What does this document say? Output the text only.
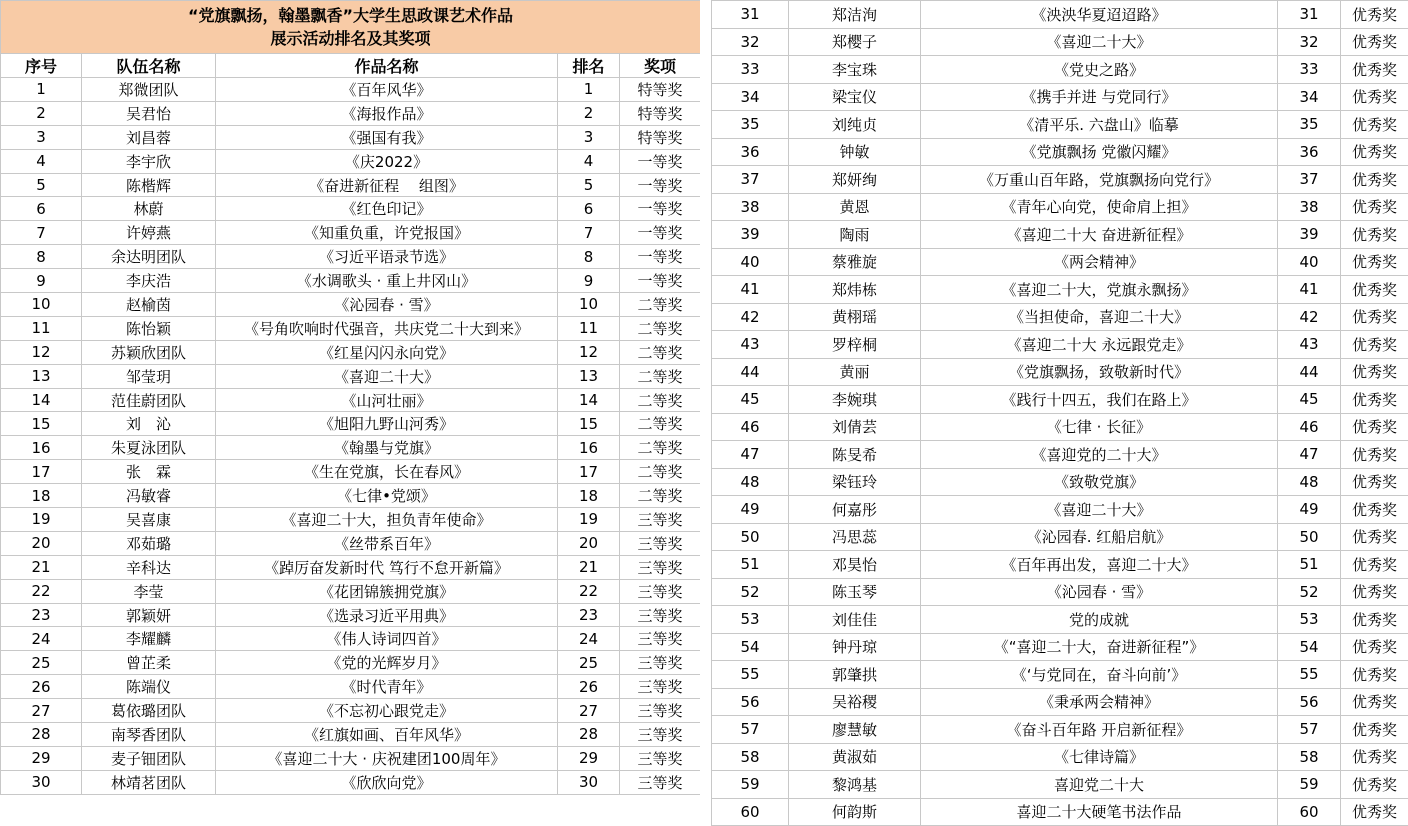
“党旗飘扬，翰墨飘香”大学生思政课艺术作品
展示活动排名及其奖项				

序号	队伍名称	作品名称	排名	奖项
1	郑微团队	《百年风华》	1	特等奖
2	吴君怡	《海报作品》	2	特等奖
3	刘昌蓉	《强国有我》	3	特等奖
4	李宇欣	《庆2022》	4	一等奖
5	陈楷辉	《奋进新征程　 组图》	5	一等奖
6	林蔚	《红色印记》	6	一等奖
7	许婷燕	《知重负重，许党报国》	7	一等奖
8	余达明团队	《习近平语录节选》	8	一等奖
9	李庆浩	《水调歌头 · 重上井冈山》	9	一等奖
10	赵榆茵	《沁园春 · 雪》	10	二等奖
11	陈怡颖	《号角吹响时代强音，共庆党二十大到来》	11	二等奖
12	苏颖欣团队	《红星闪闪永向党》	12	二等奖
13	邹莹玥	《喜迎二十大》	13	二等奖
14	范佳蔚团队	《山河壮丽》	14	二等奖
15	刘　沁	《旭阳九野山河秀》	15	二等奖
16	朱夏泳团队	《翰墨与党旗》	16	二等奖
17	张　霖	《生在党旗，长在春风》	17	二等奖
18	冯敏睿	《七律•党颂》	18	二等奖
19	吴喜康	《喜迎二十大，担负青年使命》	19	三等奖
20	邓茹璐	《丝带系百年》	20	三等奖
21	辛科达	《踔厉奋发新时代 笃行不怠开新篇》	21	三等奖
22	李莹	《花团锦簇拥党旗》	22	三等奖
23	郭颖妍	《选录习近平用典》	23	三等奖
24	李耀麟	《伟人诗词四首》	24	三等奖
25	曾芷柔	《党的光辉岁月》	25	三等奖
26	陈端仪	《时代青年》	26	三等奖
27	葛依璐团队	《不忘初心跟党走》	27	三等奖
28	南琴香团队	《红旗如画、百年风华》	28	三等奖
29	麦子钿团队	《喜迎二十大 · 庆祝建团100周年》	29	三等奖
30	林靖茗团队	《欣欣向党》	30	三等奖
31	郑洁洵	《泱泱华夏迢迢路》	31	优秀奖
32	郑樱子	《喜迎二十大》	32	优秀奖
33	李宝珠	《党史之路》	33	优秀奖
34	梁宝仪	《携手并进 与党同行》	34	优秀奖
35	刘纯贞	《清平乐. 六盘山》临摹	35	优秀奖
36	钟敏	《党旗飘扬 党徽闪耀》	36	优秀奖
37	郑妍绚	《万重山百年路，党旗飘扬向党行》	37	优秀奖
38	黄恩	《青年心向党，使命肩上担》	38	优秀奖
39	陶雨	《喜迎二十大 奋进新征程》	39	优秀奖
40	蔡雅旋	《两会精神》	40	优秀奖
41	郑炜栋	《喜迎二十大，党旗永飘扬》	41	优秀奖
42	黄栩瑶	《当担使命，喜迎二十大》	42	优秀奖
43	罗梓桐	《喜迎二十大 永远跟党走》	43	优秀奖
44	黄丽	《党旗飘扬，致敬新时代》	44	优秀奖
45	李婉琪	《践行十四五，我们在路上》	45	优秀奖
46	刘倩芸	《七律 · 长征》	46	优秀奖
47	陈旻希	《喜迎党的二十大》	47	优秀奖
48	梁钰玲	《致敬党旗》	48	优秀奖
49	何嘉彤	《喜迎二十大》	49	优秀奖
50	冯思蕊	《沁园春. 红船启航》	50	优秀奖
51	邓昊怡	《百年再出发，喜迎二十大》	51	优秀奖
52	陈玉琴	《沁园春 · 雪》	52	优秀奖
53	刘佳佳	党的成就	53	优秀奖
54	钟丹琼	《“喜迎二十大，奋进新征程”》	54	优秀奖
55	郭肇拱	《‘与党同在，奋斗向前’》	55	优秀奖
56	吴裕稷	《秉承两会精神》	56	优秀奖
57	廖慧敏	《奋斗百年路 开启新征程》	57	优秀奖
58	黄淑茹	《七律诗篇》	58	优秀奖
59	黎鸿基	喜迎党二十大	59	优秀奖
60	何韵斯	喜迎二十大硬笔书法作品	60	优秀奖
